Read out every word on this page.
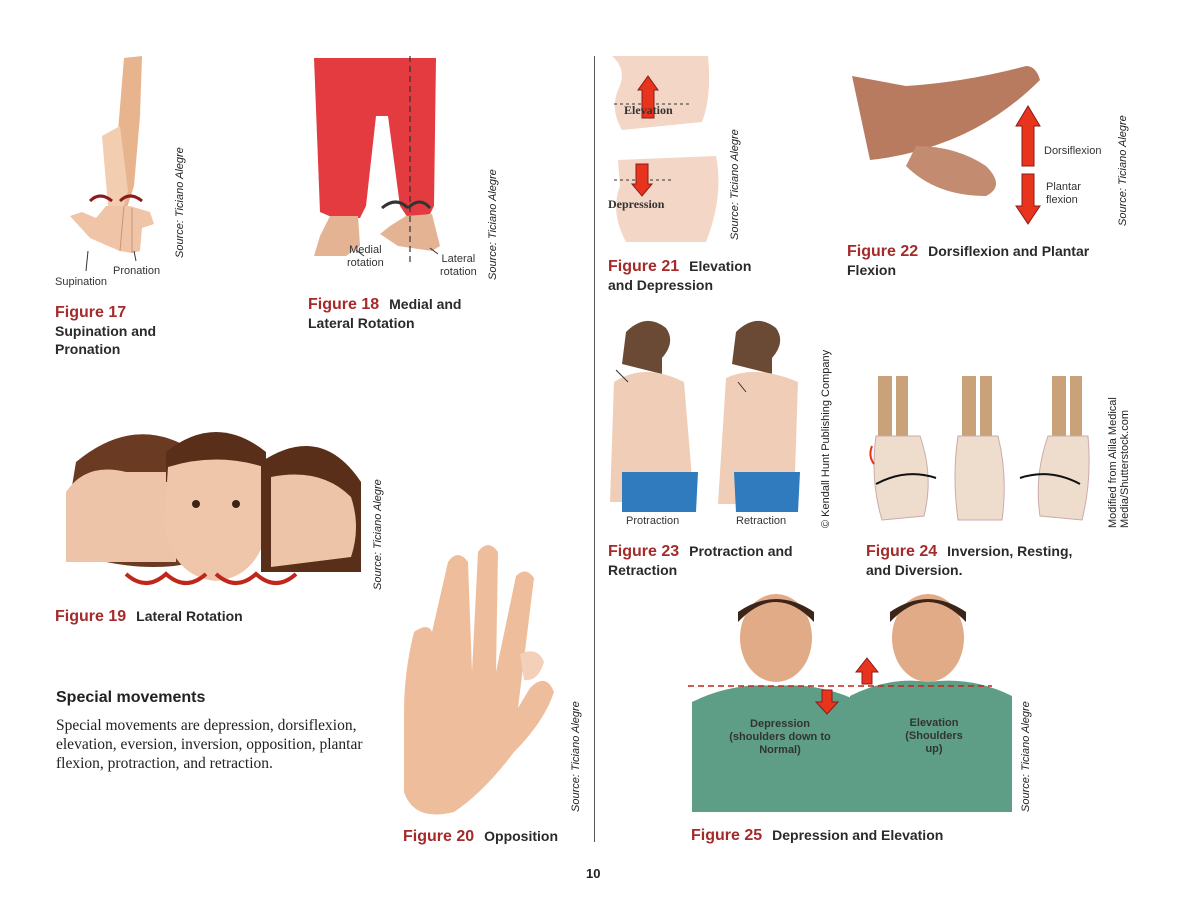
Supination
Pronation
Source: Ticiano Alegre
Figure 17
Supination and
Pronation
Medial
rotation	Lateral
rotation Source: Ticiano Alegre
Figure 18 Medial and
Lateral Rotation
Source: Ticiano Alegre
Figure 19 Lateral Rotation
Special movements
Special movements are depression, dorsiflexion, elevation, eversion, inversion, opposition, plantar flexion, protraction, and retraction.	Source: Ticiano Alegre
Figure 20 Opposition
Elevation
Depression	Source: Ticiano Alegre
Figure 21 Elevation
and Depression
Dorsiflexion
Plantar
flexion	Source: Ticiano Alegre
Figure 22 Dorsiflexion and Plantar
Flexion
Protraction	Retraction	© Kendall Hunt Publishing Company
Figure 23 Protraction and
Retraction
Modified from Alila Medical
Media/Shutterstock.com
Figure 24 Inversion, Resting,
and Diversion.
Depression
(shoulders down to
Normal)
Elevation
(Shoulders
up)	Source: Ticiano Alegre
Figure 25 Depression and Elevation
10
